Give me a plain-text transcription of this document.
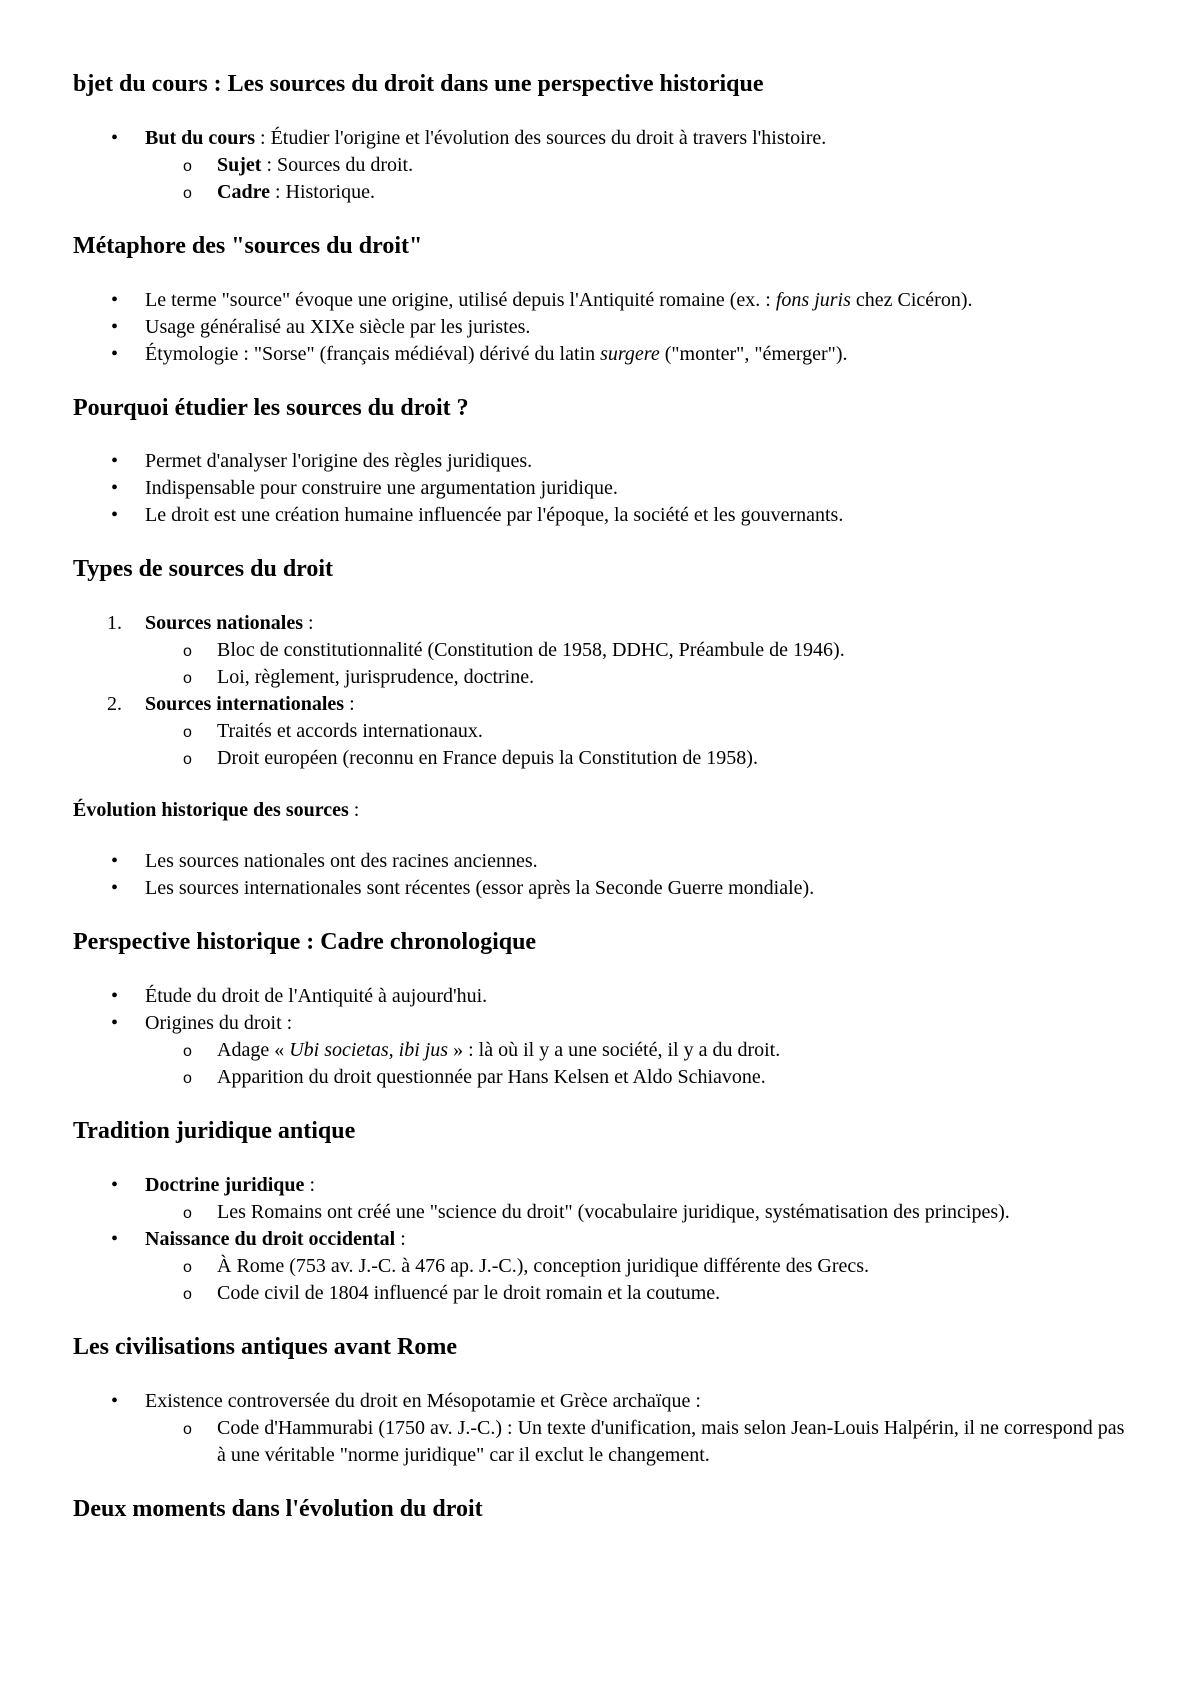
bjet du cours : Les sources du droit dans une perspective historique
• But du cours : Étudier l'origine et l'évolution des sources du droit à travers l'histoire.
o Sujet : Sources du droit.
o Cadre : Historique.
Métaphore des "sources du droit"
• Le terme "source" évoque une origine, utilisé depuis l'Antiquité romaine (ex. : fons juris chez Cicéron).
• Usage généralisé au XIXe siècle par les juristes.
• Étymologie : "Sorse" (français médiéval) dérivé du latin surgere ("monter", "émerger").
Pourquoi étudier les sources du droit ?
• Permet d'analyser l'origine des règles juridiques.
• Indispensable pour construire une argumentation juridique.
• Le droit est une création humaine influencée par l'époque, la société et les gouvernants.
Types de sources du droit
1. Sources nationales :
o Bloc de constitutionnalité (Constitution de 1958, DDHC, Préambule de 1946).
o Loi, règlement, jurisprudence, doctrine.
2. Sources internationales :
o Traités et accords internationaux.
o Droit européen (reconnu en France depuis la Constitution de 1958).
Évolution historique des sources :
• Les sources nationales ont des racines anciennes.
• Les sources internationales sont récentes (essor après la Seconde Guerre mondiale).
Perspective historique : Cadre chronologique
• Étude du droit de l'Antiquité à aujourd'hui.
• Origines du droit :
o Adage « Ubi societas, ibi jus » : là où il y a une société, il y a du droit.
o Apparition du droit questionnée par Hans Kelsen et Aldo Schiavone.
Tradition juridique antique
• Doctrine juridique :
o Les Romains ont créé une "science du droit" (vocabulaire juridique, systématisation des principes).
• Naissance du droit occidental :
o À Rome (753 av. J.-C. à 476 ap. J.-C.), conception juridique différente des Grecs.
o Code civil de 1804 influencé par le droit romain et la coutume.
Les civilisations antiques avant Rome
• Existence controversée du droit en Mésopotamie et Grèce archaïque :
o Code d'Hammurabi (1750 av. J.-C.) : Un texte d'unification, mais selon Jean-Louis Halpérin, il ne correspond pas à une véritable "norme juridique" car il exclut le changement.
Deux moments dans l'évolution du droit
